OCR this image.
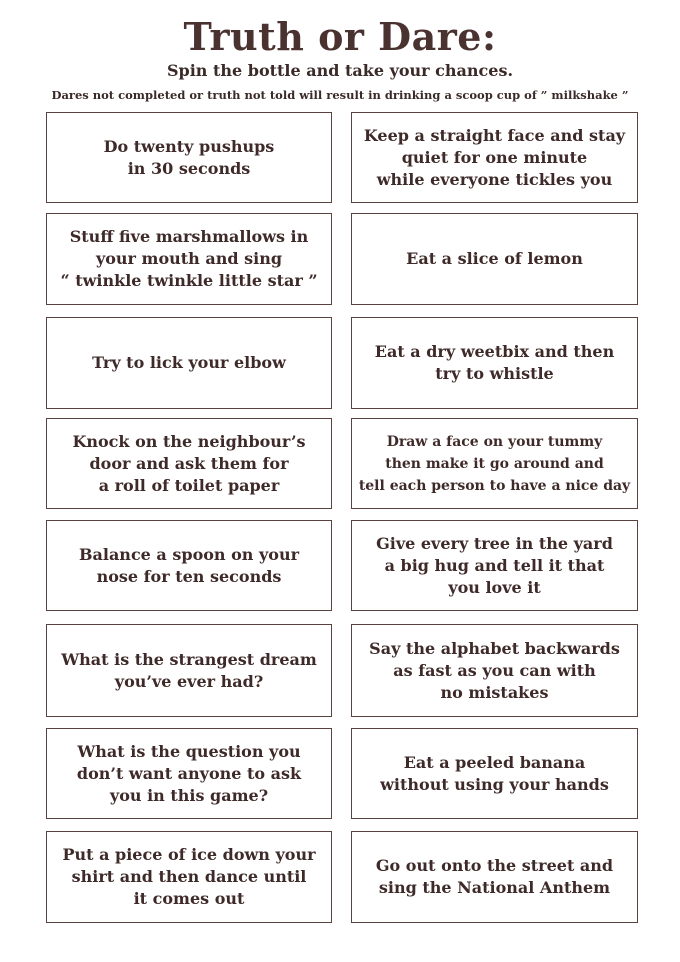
Truth or Dare:
Spin the bottle and take your chances.
Dares not completed or truth not told will result in drinking a scoop cup of ” milkshake ”
Do twenty pushups
in 30 seconds
Stuff five marshmallows in
your mouth and sing
“ twinkle twinkle little star ”
Try to lick your elbow
Knock on the neighbour’s
door and ask them for
a roll of toilet paper
Balance a spoon on your
nose for ten seconds
What is the strangest dream
you’ve ever had?
What is the question you
don’t want anyone to ask
you in this game?
Put a piece of ice down your
shirt and then dance until
it comes out
Keep a straight face and stay
quiet for one minute
while everyone tickles you
Eat a slice of lemon
Eat a dry weetbix and then
try to whistle
Draw a face on your tummy
then make it go around and
tell each person to have a nice day
Give every tree in the yard
a big hug and tell it that
you love it
Say the alphabet backwards
as fast as you can with
no mistakes
Eat a peeled banana
without using your hands
Go out onto the street and
sing the National Anthem
